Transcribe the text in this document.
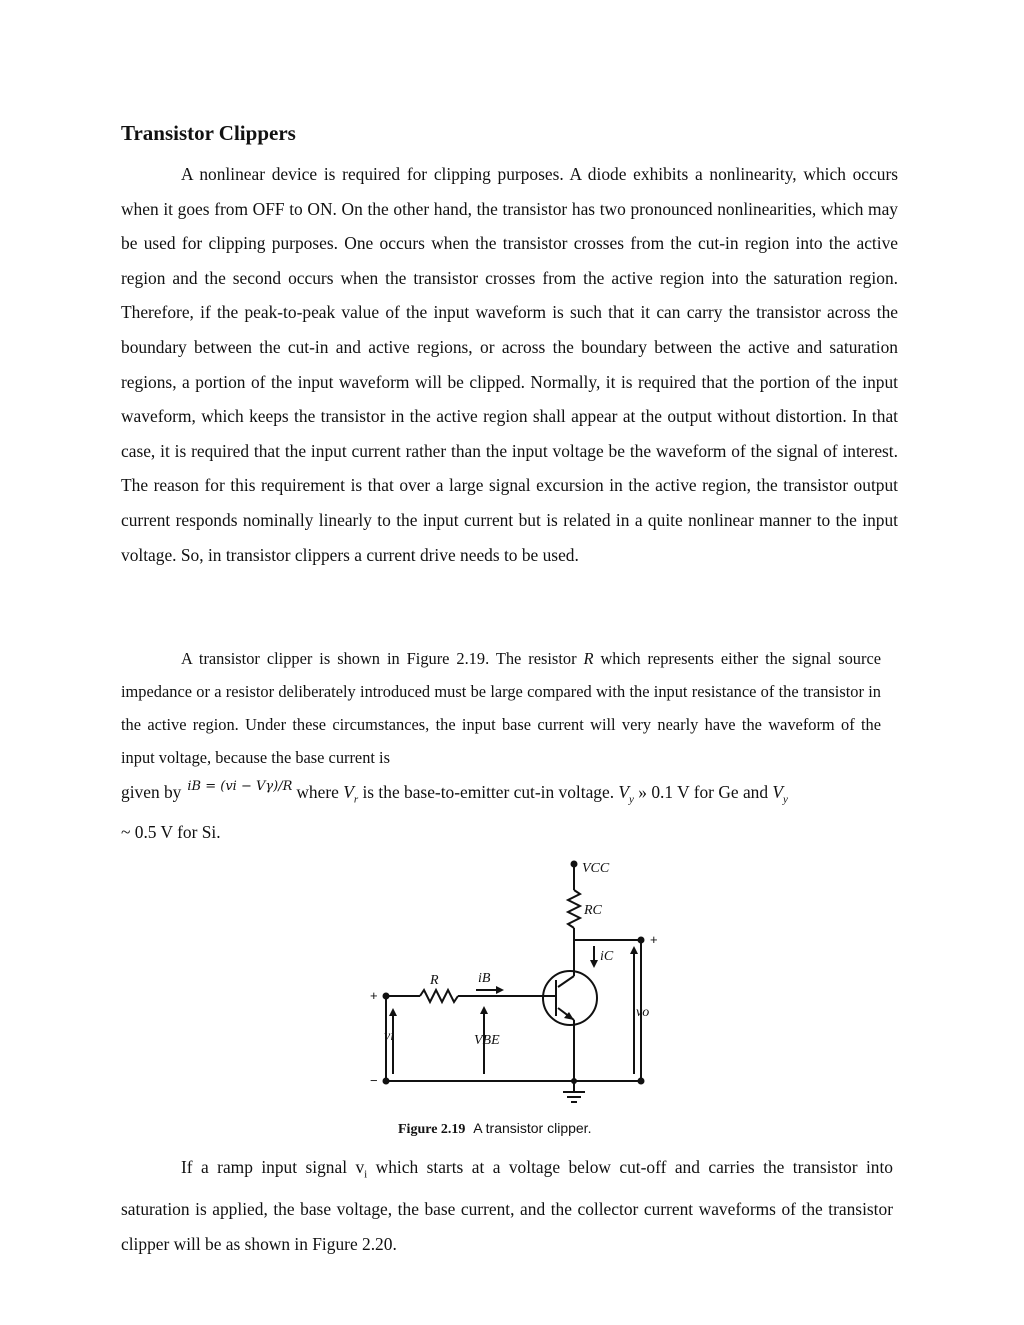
Transistor Clippers

A nonlinear device is required for clipping purposes. A diode exhibits a nonlinearity, which occurs when it goes from OFF to ON. On the other hand, the transistor has two pronounced nonlinearities, which may be used for clipping purposes. One occurs when the transistor crosses from the cut-in region into the active region and the second occurs when the transistor crosses from the active region into the saturation region. Therefore, if the peak-to-peak value of the input waveform is such that it can carry the transistor across the boundary between the cut-in and active regions, or across the boundary between the active and saturation regions, a portion of the input waveform will be clipped. Normally, it is required that the portion of the input waveform, which keeps the transistor in the active region shall appear at the output without distortion. In that case, it is required that the input current rather than the input voltage be the waveform of the signal of interest. The reason for this requirement is that over a large signal excursion in the active region, the transistor output current responds nominally linearly to the input current but is related in a quite nonlinear manner to the input voltage. So, in transistor clippers a current drive needs to be used.

A transistor clipper is shown in Figure 2.19. The resistor R which represents either the signal source impedance or a resistor deliberately introduced must be large compared with the input resistance of the transistor in the active region. Under these circumstances, the input base current will very nearly have the waveform of the input voltage, because the base current is

given by $^{iB = (vi - V\gamma)/R}$ where $V_r$ is the base-to-emitter cut-in voltage. $V_y$ » 0.1 V for Ge and $V_y$
~ 0.5 V for Si.
VCC
RC
iC
R	iB
vi	VBE
vo
+
+
−
Figure 2.19 A transistor clipper.

If a ramp input signal $v_i$ which starts at a voltage below cut-off and carries the transistor into saturation is applied, the base voltage, the base current, and the collector current waveforms of the transistor clipper will be as shown in Figure 2.20.
